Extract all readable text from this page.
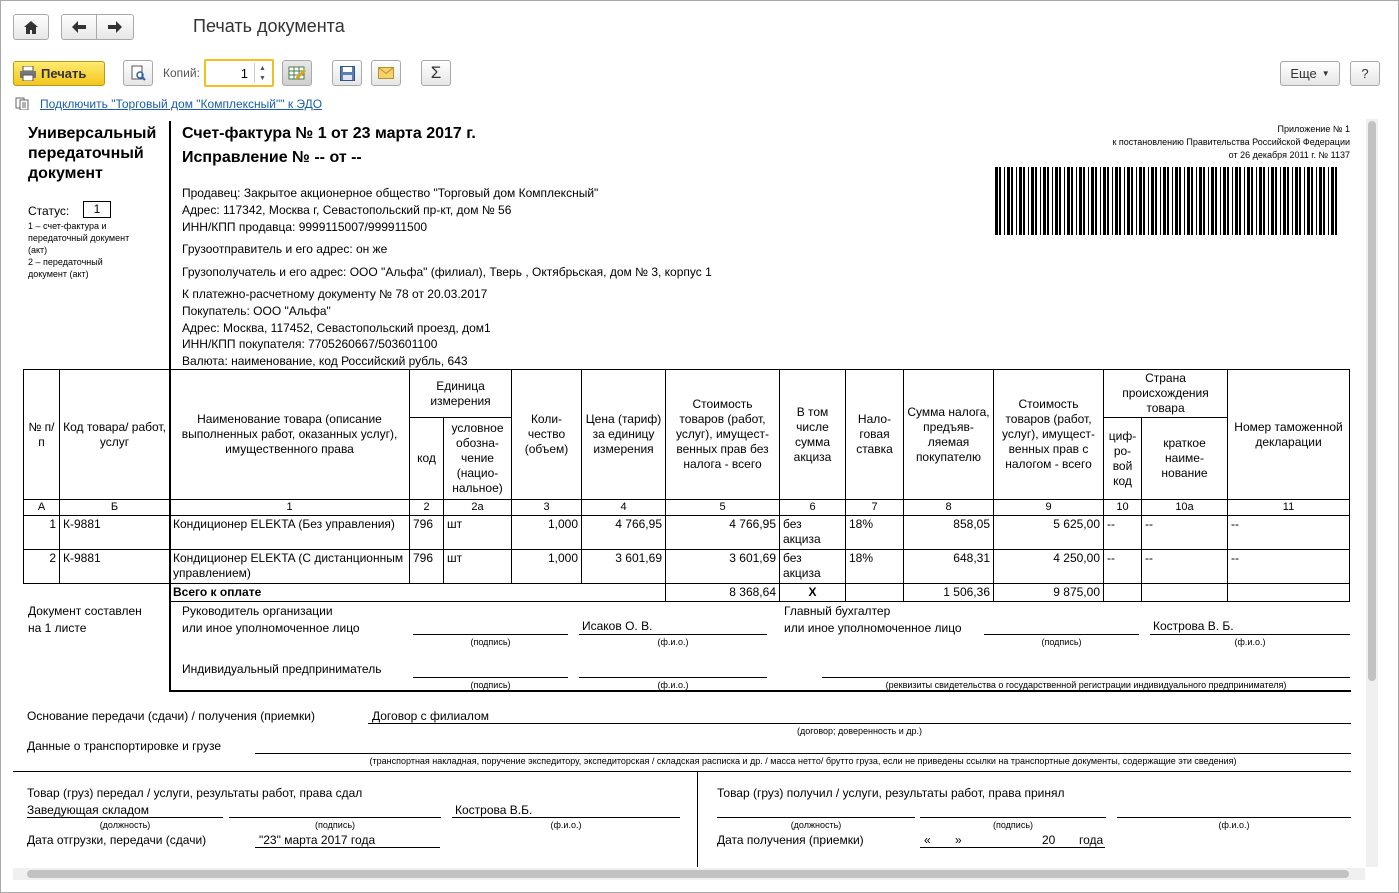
Печать документа
Печать	Копий:	1 ▲
▼	Σ	Еще ▼ ?
Подключить "Торговый дом "Комплексный"" к ЭДО
Универсальный
передаточный
документ
Статус:	1
1 – счет-фактура и
передаточный документ
(акт)
2 – передаточный
документ (акт)
Счет-фактура № 1 от 23 марта 2017 г.
Исправление № -- от --
Приложение № 1
к постановлению Правительства Российской Федерации
от 26 декабря 2011 г. № 1137
Продавец: Закрытое акционерное общество "Торговый дом Комплексный"
Адрес: 117342, Москва г, Севастопольский пр-кт, дом № 56
ИНН/КПП продавца: 9999115007/999911500
Грузоотправитель и его адрес: он же
Грузополучатель и его адрес: ООО "Альфа" (филиал), Тверь , Октябрьская, дом № 3, корпус 1
К платежно-расчетному документу № 78 от 20.03.2017
Покупатель: ООО "Альфа"
Адрес: Москва, 117452, Севастопольский проезд, дом1
ИНН/КПП покупателя: 7705260667/503601100
Валюта: наименование, код Российский рубль, 643
№ п/п	Код товара/ работ, услуг	Наименование товара (описание выполненных работ, оказанных услуг), имущественного права	Единица измерения		Коли-чество (объем)	Цена (тариф) за единицу измерения	Стоимость товаров (работ, услуг), имущест-венных прав без налога - всего	В том числе сумма акциза	Нало-говая ставка	Сумма налога, предъяв-ляемая покупателю	Стоимость товаров (работ, услуг), имущест-венных прав с налогом - всего	Страна происхождения товара		Номер таможенной декларации
			код	условное обозна-чение (нацио-нальное)								циф-ро-вой код	краткое наиме-нование	
А	Б	1	2	2а	3	4	5	6	7	8	9	10	10а	11
1	К-9881	Кондиционер ELEKTA (Без управления)	796	шт	1,000	4 766,95	4 766,95	без акциза	18%	858,05	5 625,00	--	--	--
2	К-9881	Кондиционер ELEKTA (С дистанционным управлением)	796	шт	1,000	3 601,69	3 601,69	без акциза	18%	648,31	4 250,00	--	--	--
		Всего к оплате					8 368,64	X		1 506,36	9 875,00			
Документ составлен
на 1 листе
Руководитель организации
или иное уполномоченное лицо	Исаков О. В.
(подпись)	(ф.и.о.)
Главный бухгалтер
или иное уполномоченное лицо	Кострова В. Б.
(подпись)	(ф.и.о.)
Индивидуальный предприниматель
(подпись)	(ф.и.о.)	(реквизиты свидетельства о государственной регистрации индивидуального предпринимателя)
Основание передачи (сдачи) / получения (приемки)	Договор с филиалом
(договор; доверенность и др.)
Данные о транспортировке и грузе
(транспортная накладная, поручение экспедитору, экспедиторская / складская расписка и др. / масса нетто/ брутто груза, если не приведены ссылки на транспортные документы, содержащие эти сведения)
Товар (груз) передал / услуги, результаты работ, права сдал
Заведующая складом	Кострова В.Б.
(должность)	(подпись)	(ф.и.о.)
Дата отгрузки, передачи (сдачи)	"23" марта 2017 года
Товар (груз) получил / услуги, результаты работ, права принял
(должность)	(подпись)	(ф.и.о.)
Дата получения (приемки)	« »	20 года
